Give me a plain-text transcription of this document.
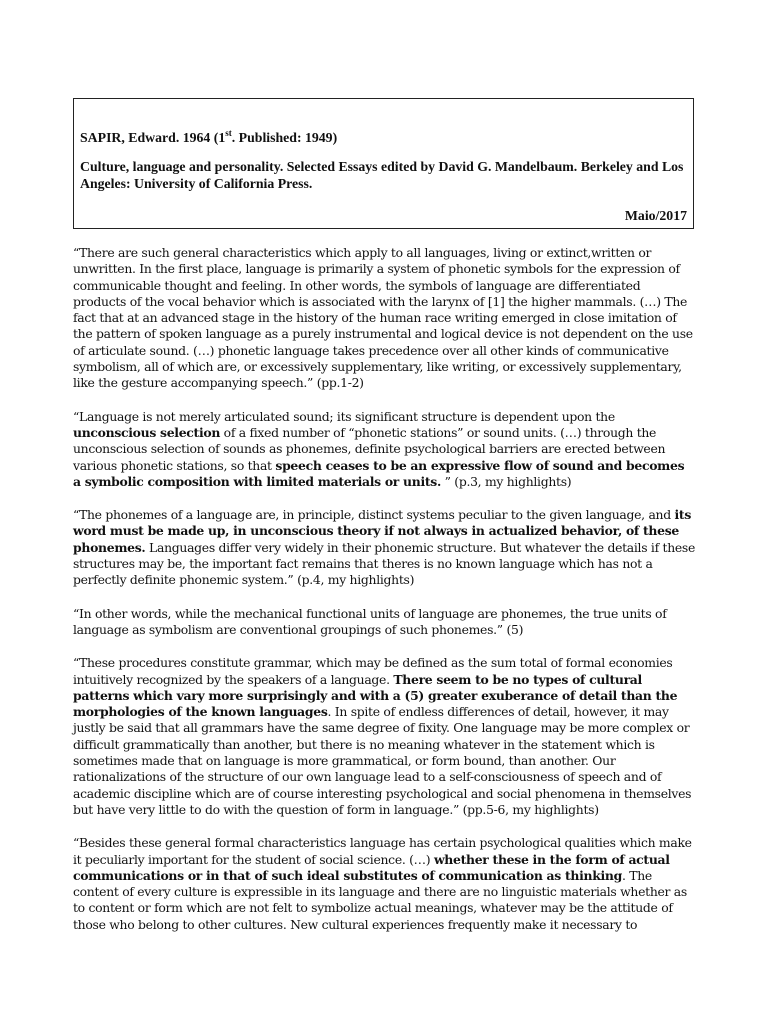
SAPIR, Edward. 1964 (1st. Published: 1949)
Culture, language and personality. Selected Essays edited by David G. Mandelbaum. Berkeley and Los Angeles: University of California Press.
Maio/2017

“There are such general characteristics which apply to all languages, living or extinct,written or unwritten. In the first place, language is primarily a system of phonetic symbols for the expression of communicable thought and feeling. In other words, the symbols of language are differentiated products of the vocal behavior which is associated with the larynx of [1] the higher mammals. (…) The fact that at an advanced stage in the history of the human race writing emerged in close imitation of the pattern of spoken language as a purely instrumental and logical device is not dependent on the use of articulate sound. (…) phonetic language takes precedence over all other kinds of communicative symbolism, all of which are, or excessively supplementary, like writing, or excessively supplementary, like the gesture accompanying speech.” (pp.1-2)

“Language is not merely articulated sound; its significant structure is dependent upon the unconscious selection of a fixed number of “phonetic stations” or sound units. (…) through the unconscious selection of sounds as phonemes, definite psychological barriers are erected between various phonetic stations, so that speech ceases to be an expressive flow of sound and becomes a symbolic composition with limited materials or units. ” (p.3, my highlights)

“The phonemes of a language are, in principle, distinct systems peculiar to the given language, and its word must be made up, in unconscious theory if not always in actualized behavior, of these phonemes. Languages differ very widely in their phonemic structure. But whatever the details if these structures may be, the important fact remains that theres is no known language which has not a perfectly definite phonemic system.” (p.4, my highlights)

“In other words, while the mechanical functional units of language are phonemes, the true units of language as symbolism are conventional groupings of such phonemes.” (5)

“These procedures constitute grammar, which may be defined as the sum total of formal economies intuitively recognized by the speakers of a language. There seem to be no types of cultural patterns which vary more surprisingly and with a (5) greater exuberance of detail than the morphologies of the known languages. In spite of endless differences of detail, however, it may justly be said that all grammars have the same degree of fixity. One language may be more complex or difficult grammatically than another, but there is no meaning whatever in the statement which is sometimes made that on language is more grammatical, or form bound, than another. Our rationalizations of the structure of our own language lead to a self-consciousness of speech and of academic discipline which are of course interesting psychological and social phenomena in themselves but have very little to do with the question of form in language.” (pp.5-6, my highlights)

“Besides these general formal characteristics language has certain psychological qualities which make it peculiarly important for the student of social science. (…) whether these in the form of actual communications or in that of such ideal substitutes of communication as thinking. The content of every culture is expressible in its language and there are no linguistic materials whether as to content or form which are not felt to symbolize actual meanings, whatever may be the attitude of those who belong to other cultures. New cultural experiences frequently make it necessary to
